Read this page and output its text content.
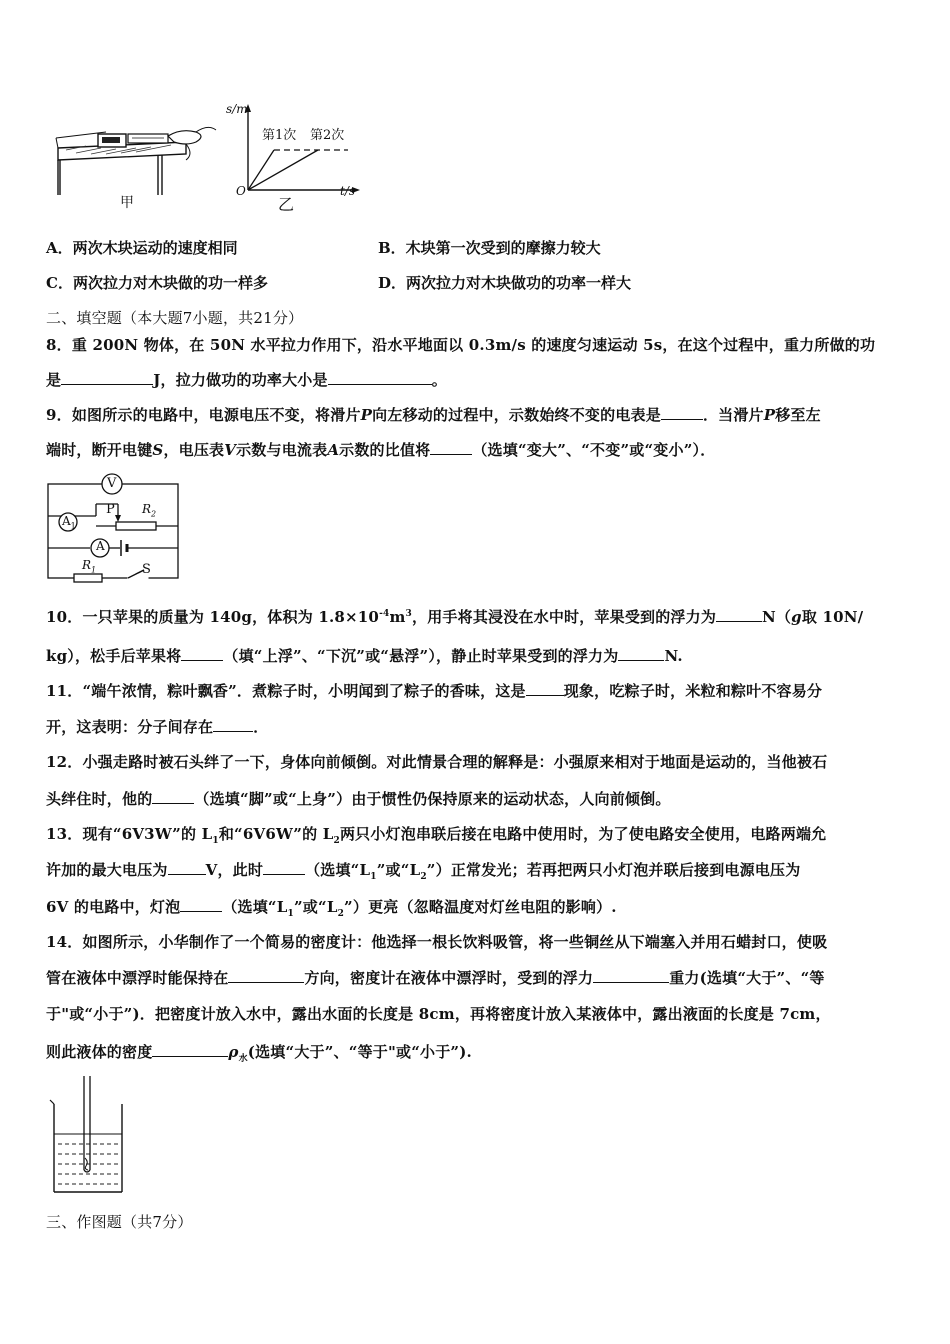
甲
s/m
第1次 第2次
O	t/s
乙
A．两次木块运动的速度相同	B．木块第一次受到的摩擦力较大
C．两次拉力对木块做的功一样多	D．两次拉力对木块做功的功率一样大
二、填空题（本大题7小题，共21分）
8．重 200N 物体，在 50N 水平拉力作用下，沿水平地面以 0.3m/s 的速度匀速运动 5s，在这个过程中，重力所做的功
是	J，拉力做功的功率大小是	。
9．如图所示的电路中，电源电压不变，将滑片P向左移动的过程中，示数始终不变的电表是	．当滑片P移至左
端时，断开电键S，电压表V示数与电流表A示数的比值将	（选填“变大”、“不变”或“变小”）．
V
$A_1$
P $R_2$
A
$R_1$	S
10．一只苹果的质量为 140g，体积为 $1.8\times 10^{-4}m^3$，用手将其浸没在水中时，苹果受到的浮力为	N（g取 10N/
kg），松手后苹果将	（填“上浮”、“下沉”或“悬浮”），静止时苹果受到的浮力为	N.
11．“端午浓情，粽叶飘香”．煮粽子时，小明闻到了粽子的香味，这是	现象，吃粽子时，米粒和粽叶不容易分
开，这表明：分子间存在	．
12．小强走路时被石头绊了一下，身体向前倾倒。对此情景合理的解释是：小强原来相对于地面是运动的，当他被石
头绊住时，他的	（选填“脚”或“上身”）由于惯性仍保持原来的运动状态，人向前倾倒。
13．现有“6V3W”的 $L_1$和“6V6W”的 $L_2$两只小灯泡串联后接在电路中使用时，为了使电路安全使用，电路两端允
许加的最大电压为	V，此时	（选填“$L_1$”或“$L_2$”）正常发光；若再把两只小灯泡并联后接到电源电压为
6V 的电路中，灯泡	（选填“$L_1$”或“$L_2$”）更亮（忽略温度对灯丝电阻的影响）.
14．如图所示，小华制作了一个简易的密度计：他选择一根长饮料吸管，将一些铜丝从下端塞入并用石蜡封口，使吸
管在液体中漂浮时能保持在	方向，密度计在液体中漂浮时，受到的浮力	重力(选填“大于”、“等
于"或“小于”)．把密度计放入水中，露出水面的长度是 8cm，再将密度计放入某液体中，露出液面的长度是 7cm，
则此液体的密度	$\rho_水$(选填“大于”、“等于"或“小于”).
三、作图题（共7分）
